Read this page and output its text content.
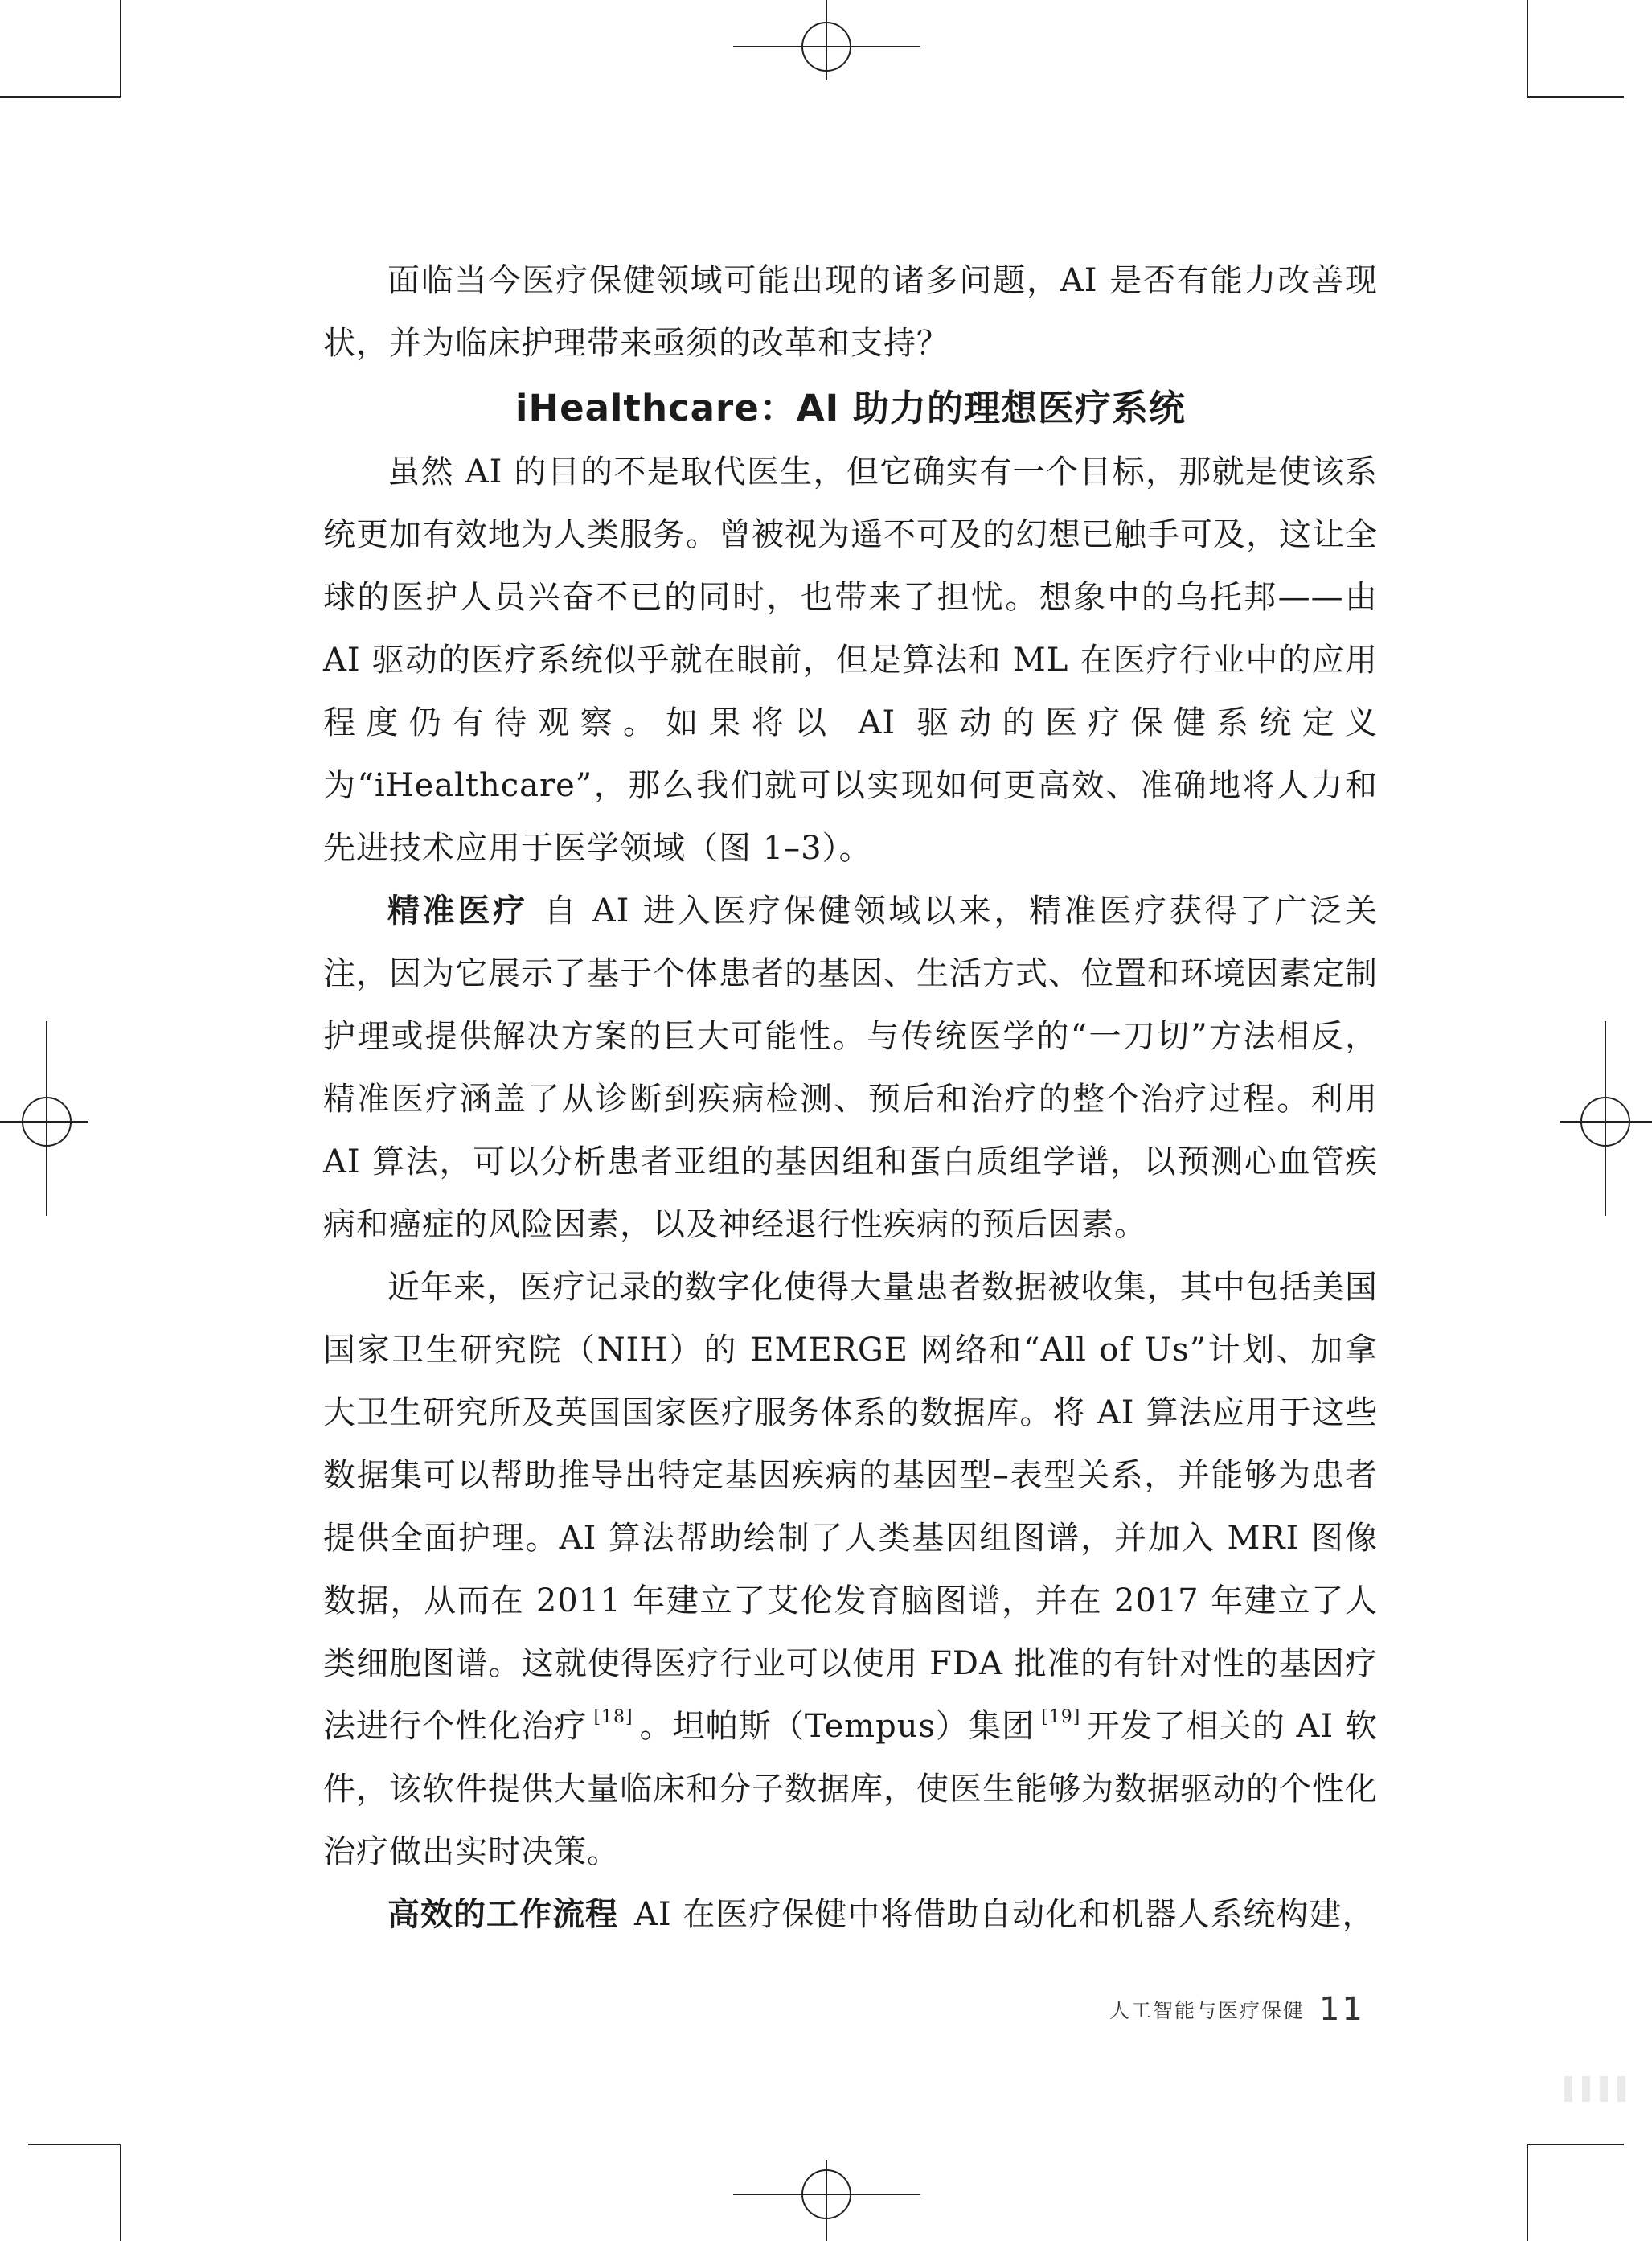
面临当今医疗保健领域可能出现的诸多问题，AI 是否有能力改善现状，并为临床护理带来亟须的改革和支持？

iHealthcare：AI 助力的理想医疗系统

虽然 AI 的目的不是取代医生，但它确实有一个目标，那就是使该系统更加有效地为人类服务。曾被视为遥不可及的幻想已触手可及，这让全球的医护人员兴奋不已的同时，也带来了担忧。想象中的乌托邦——由 AI 驱动的医疗系统似乎就在眼前，但是算法和 ML 在医疗行业中的应用程度仍有待观察。如果将以 AI 驱动的医疗保健系统定义为“iHealthcare”，那么我们就可以实现如何更高效、准确地将人力和先进技术应用于医学领域（图 1–3）。

精准医疗 自 AI 进入医疗保健领域以来，精准医疗获得了广泛关注，因为它展示了基于个体患者的基因、生活方式、位置和环境因素定制护理或提供解决方案的巨大可能性。与传统医学的“一刀切”方法相反，精准医疗涵盖了从诊断到疾病检测、预后和治疗的整个治疗过程。利用 AI 算法，可以分析患者亚组的基因组和蛋白质组学谱，以预测心血管疾病和癌症的风险因素，以及神经退行性疾病的预后因素。

近年来，医疗记录的数字化使得大量患者数据被收集，其中包括美国国家卫生研究院（NIH）的 EMERGE 网络和“All of Us”计划、加拿大卫生研究所及英国国家医疗服务体系的数据库。将 AI 算法应用于这些数据集可以帮助推导出特定基因疾病的基因型–表型关系，并能够为患者提供全面护理。AI 算法帮助绘制了人类基因组图谱，并加入 MRI 图像数据，从而在 2011 年建立了艾伦发育脑图谱，并在 2017 年建立了人类细胞图谱。这就使得医疗行业可以使用 FDA 批准的有针对性的基因疗法进行个性化治疗 [18] 。坦帕斯（Tempus）集团 [19] 开发了相关的 AI 软件，该软件提供大量临床和分子数据库，使医生能够为数据驱动的个性化治疗做出实时决策。

高效的工作流程 AI 在医疗保健中将借助自动化和机器人系统构建，

人工智能与医疗保健 11
